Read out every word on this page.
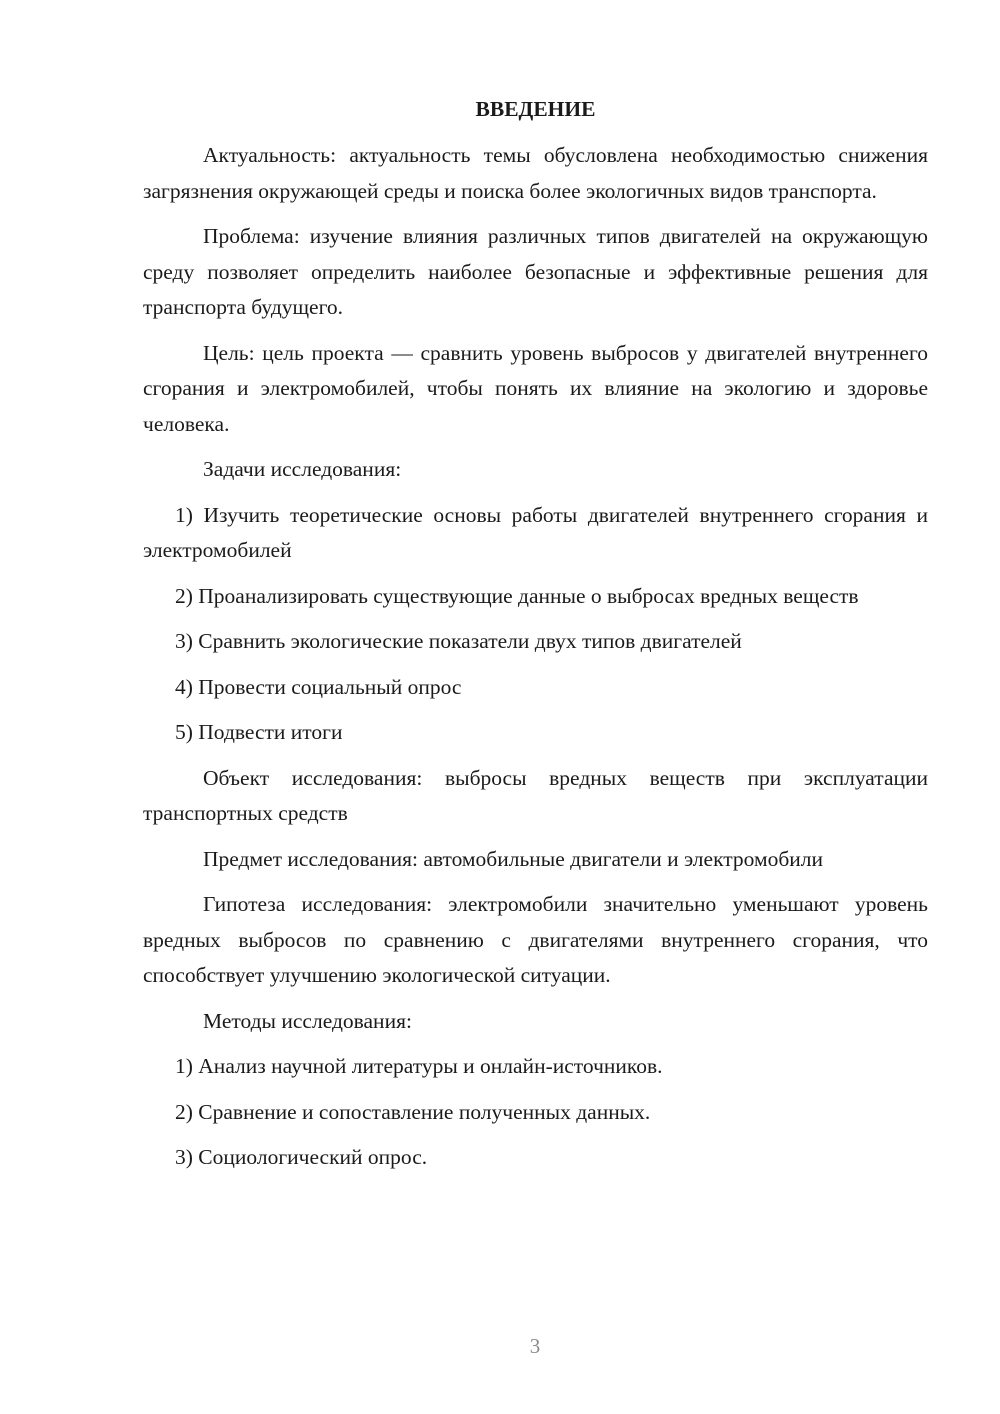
ВВЕДЕНИЕ

Актуальность: актуальность темы обусловлена необходимостью снижения загрязнения окружающей среды и поиска более экологичных видов транспорта.

Проблема: изучение влияния различных типов двигателей на окружающую среду позволяет определить наиболее безопасные и эффективные решения для транспорта будущего.

Цель: цель проекта — сравнить уровень выбросов у двигателей внутреннего сгорания и электромобилей, чтобы понять их влияние на экологию и здоровье человека.

Задачи исследования:

1) Изучить теоретические основы работы двигателей внутреннего сгорания и электромобилей

2) Проанализировать существующие данные о выбросах вредных веществ

3) Сравнить экологические показатели двух типов двигателей

4) Провести социальный опрос

5) Подвести итоги

Объект исследования: выбросы вредных веществ при эксплуатации транспортных средств

Предмет исследования: автомобильные двигатели и электромобили

Гипотеза исследования: электромобили значительно уменьшают уровень вредных выбросов по сравнению с двигателями внутреннего сгорания, что способствует улучшению экологической ситуации.

Методы исследования:

1) Анализ научной литературы и онлайн-источников.

2) Сравнение и сопоставление полученных данных.

3) Социологический опрос.

3
